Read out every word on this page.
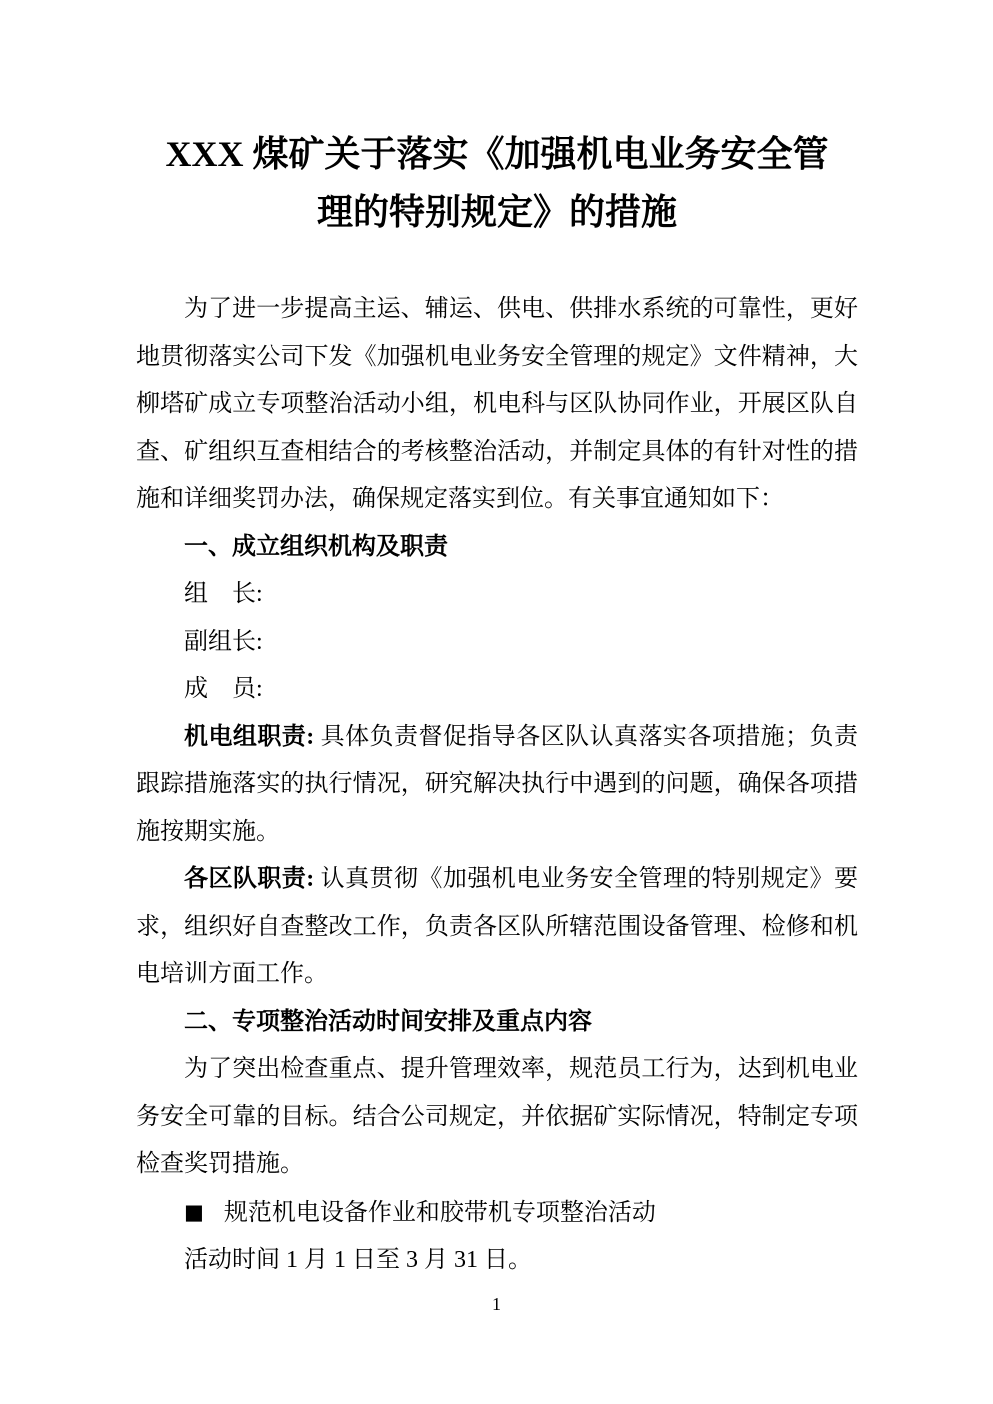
XXX 煤矿关于落实《加强机电业务安全管
理的特别规定》的措施

为了进一步提高主运、辅运、供电、供排水系统的可靠性，更好地贯彻落实公司下发《加强机电业务安全管理的规定》文件精神，大柳塔矿成立专项整治活动小组，机电科与区队协同作业，开展区队自查、矿组织互查相结合的考核整治活动，并制定具体的有针对性的措施和详细奖罚办法，确保规定落实到位。有关事宜通知如下：

一、成立组织机构及职责

组　长:

副组长:

成　员:

机电组职责: 具体负责督促指导各区队认真落实各项措施；负责跟踪措施落实的执行情况，研究解决执行中遇到的问题，确保各项措施按期实施。

各区队职责: 认真贯彻《加强机电业务安全管理的特别规定》要求，组织好自查整改工作，负责各区队所辖范围设备管理、检修和机电培训方面工作。

二、专项整治活动时间安排及重点内容

为了突出检查重点、提升管理效率，规范员工行为，达到机电业务安全可靠的目标。结合公司规定，并依据矿实际情况，特制定专项检查奖罚措施。

■ 规范机电设备作业和胶带机专项整治活动

活动时间 1 月 1 日至 3 月 31 日。

1
